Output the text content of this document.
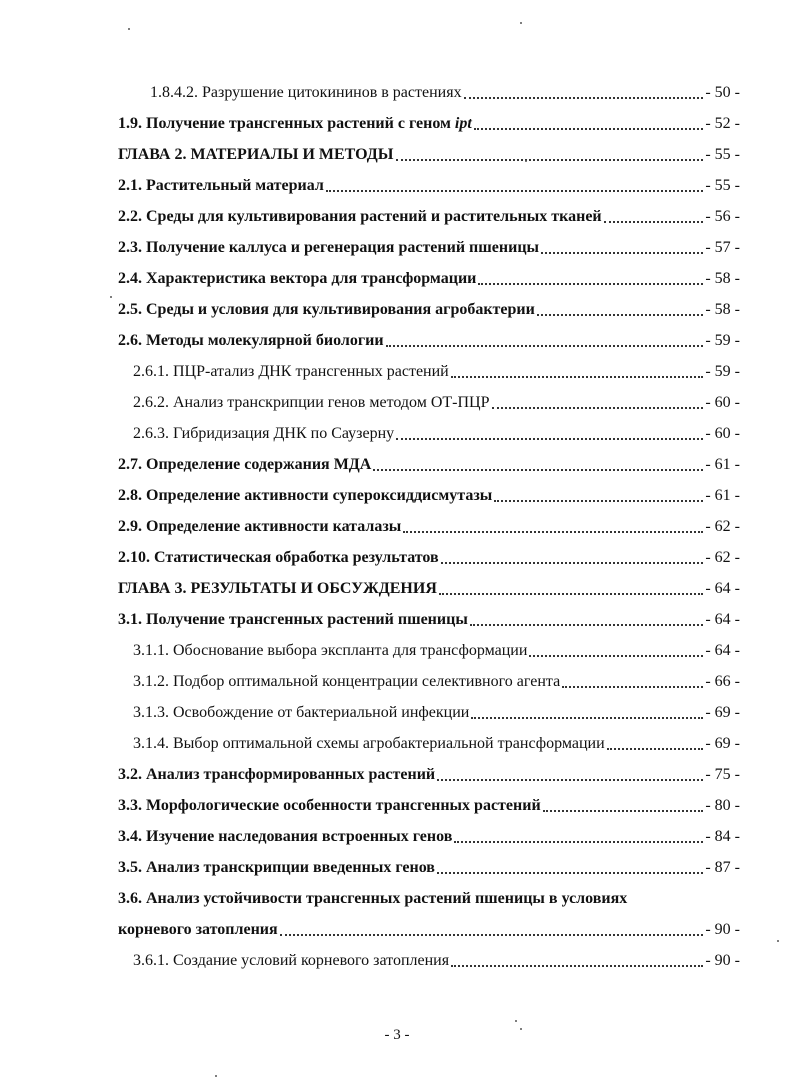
1.8.4.2. Разрушение цитокининов в растениях	- 50 -
1.9. Получение трансгенных растений с геном ipt	- 52 -
ГЛАВА 2. МАТЕРИАЛЫ И МЕТОДЫ	- 55 -
2.1. Растительный материал	- 55 -
2.2. Среды для культивирования растений и растительных тканей	- 56 -
2.3. Получение каллуса и регенерация растений пшеницы	- 57 -
2.4. Характеристика вектора для трансформации	- 58 -
2.5. Среды и условия для культивирования агробактерии	- 58 -
2.6. Методы молекулярной биологии	- 59 -
2.6.1. ПЦР-атализ ДНК трансгенных растений	- 59 -
2.6.2. Анализ транскрипции генов методом ОТ-ПЦР	- 60 -
2.6.3. Гибридизация ДНК по Саузерну	- 60 -
2.7. Определение содержания МДА	- 61 -
2.8. Определение активности супероксиддисмутазы	- 61 -
2.9. Определение активности каталазы	- 62 -
2.10. Статистическая обработка результатов	- 62 -
ГЛАВА 3. РЕЗУЛЬТАТЫ И ОБСУЖДЕНИЯ	- 64 -
3.1. Получение трансгенных растений пшеницы	- 64 -
3.1.1. Обоснование выбора экспланта для трансформации	- 64 -
3.1.2. Подбор оптимальной концентрации селективного агента	- 66 -
3.1.3. Освобождение от бактериальной инфекции	- 69 -
3.1.4. Выбор оптимальной схемы агробактериальной трансформации	- 69 -
3.2. Анализ трансформированных растений	- 75 -
3.3. Морфологические особенности трансгенных растений	- 80 -
3.4. Изучение наследования встроенных генов	- 84 -
3.5. Анализ транскрипции введенных генов	- 87 -
3.6. Анализ устойчивости трансгенных растений пшеницы в условиях
корневого затопления	- 90 -
3.6.1. Создание условий корневого затопления	- 90 -
- 3 -
